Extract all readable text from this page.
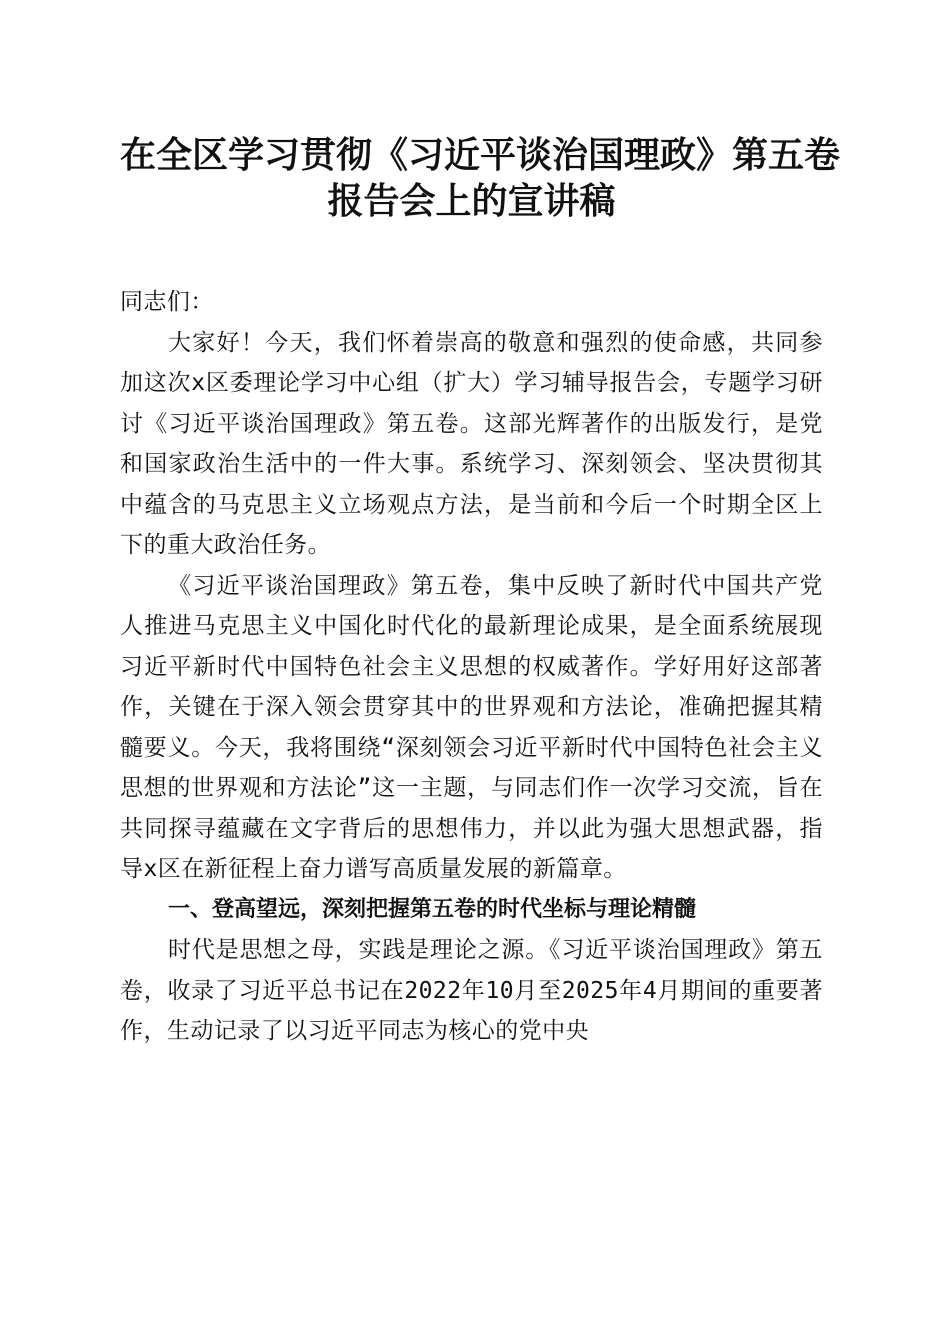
在全区学习贯彻《习近平谈治国理政》第五卷
报告会上的宣讲稿

同志们：

大家好！今天，我们怀着崇高的敬意和强烈的使命感，共同参加这次x区委理论学习中心组（扩大）学习辅导报告会，专题学习研讨《习近平谈治国理政》第五卷。这部光辉著作的出版发行，是党和国家政治生活中的一件大事。系统学习、深刻领会、坚决贯彻其中蕴含的马克思主义立场观点方法，是当前和今后一个时期全区上下的重大政治任务。

《习近平谈治国理政》第五卷，集中反映了新时代中国共产党人推进马克思主义中国化时代化的最新理论成果，是全面系统展现习近平新时代中国特色社会主义思想的权威著作。学好用好这部著作，关键在于深入领会贯穿其中的世界观和方法论，准确把握其精髓要义。今天，我将围绕“深刻领会习近平新时代中国特色社会主义思想的世界观和方法论”这一主题，与同志们作一次学习交流，旨在共同探寻蕴藏在文字背后的思想伟力，并以此为强大思想武器，指导x区在新征程上奋力谱写高质量发展的新篇章。

一、登高望远，深刻把握第五卷的时代坐标与理论精髓

时代是思想之母，实践是理论之源。《习近平谈治国理政》第五卷，收录了习近平总书记在2022年10月至2025年4月期间的重要著作，生动记录了以习近平同志为核心的党中央
